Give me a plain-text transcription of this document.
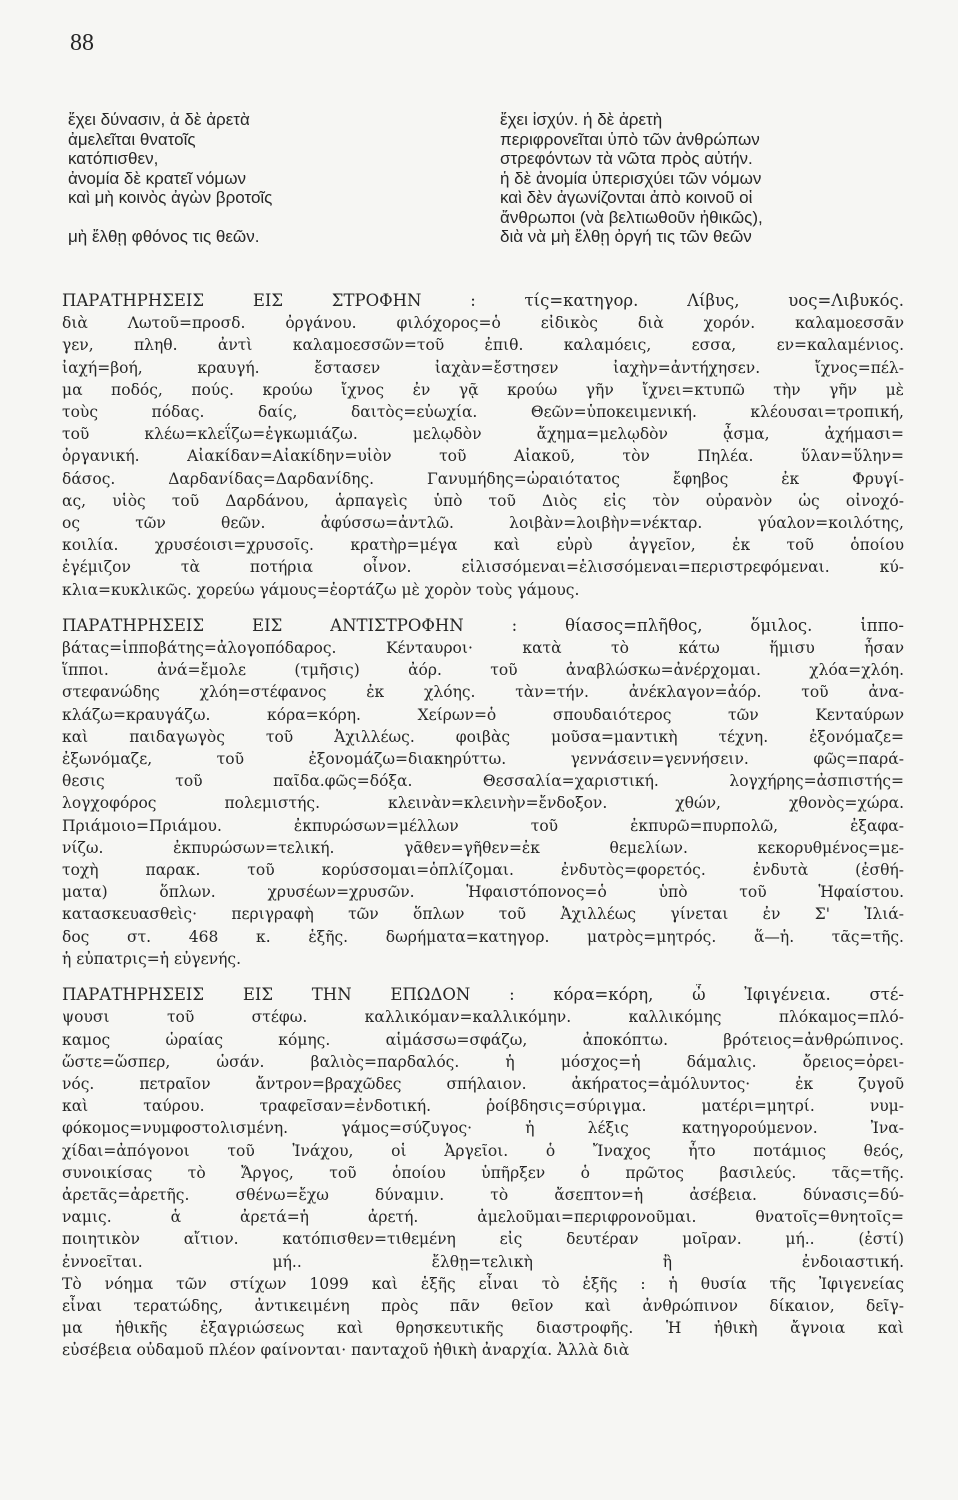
88
ἔχει δύνασιν, ἁ δὲ ἀρετὰ
ἀμελεῖται θνατοῖς
κατόπισθεν,
ἀνομία δὲ κρατεῖ νόμων
καὶ μὴ κοινὸς ἀγὼν βροτοῖς
μὴ ἔλθῃ φθόνος τις θεῶν.
ἔχει ἰσχύν. ἡ δὲ ἀρετὴ
περιφρονεῖται ὑπὸ τῶν ἀνθρώπων
στρεφόντων τὰ νῶτα πρὸς αὐτήν.
ἡ δὲ ἀνομία ὑπερισχύει τῶν νόμων
καὶ δὲν ἀγωνίζονται ἀπὸ κοινοῦ οἱ
ἄνθρωποι (νὰ βελτιωθοῦν ἠθικῶς),
διὰ νὰ μὴ ἔλθῃ ὀργή τις τῶν θεῶν
ΠΑΡΑΤΗΡΗΣΕΙΣ ΕΙΣ ΣΤΡΟΦΗΝ : τίς=κατηγορ. Λίβυς, υος=Λιβυκός.
διὰ Λωτοῦ=προσδ. ὀργάνου. φιλόχορος=ὁ εἰδικὸς διὰ χορόν. καλαμοεσσᾶν
γεν, πληθ. ἀντὶ καλαμοεσσῶν=τοῦ ἐπιθ. καλαμόεις, εσσα, εν=καλαμένιος.
ἰαχή=βοή, κραυγή. ἔστασεν ἰαχὰν=ἔστησεν ἰαχὴν=ἀντήχησεν. ἴχνος=πέλ-
μα ποδός, πούς. κρούω ἴχνος ἐν γᾷ κρούω γῆν ἴχνει=κτυπῶ τὴν γῆν μὲ
τοὺς πόδας. δαίς, δαιτὸς=εὐωχία. Θεῶν=ὑποκειμενική. κλέουσαι=τροπική,
τοῦ κλέω=κλεΐζω=ἐγκωμιάζω. μελῳδὸν ἄχημα=μελῳδὸν ᾆσμα, ἀχήμασι=
ὀργανική. Αἰακίδαν=Αἰακίδην=υἱὸν τοῦ Αἰακοῦ, τὸν Πηλέα. ὕλαν=ὕλην=
δάσος. Δαρδανίδας=Δαρδανίδης. Γανυμήδης=ὡραιότατος ἔφηβος ἐκ Φρυγί-
ας, υἱὸς τοῦ Δαρδάνου, ἁρπαγεὶς ὑπὸ τοῦ Διὸς εἰς τὸν οὐρανὸν ὡς οἰνοχό-
ος τῶν θεῶν. ἀφύσσω=ἀντλῶ. λοιβὰν=λοιβὴν=νέκταρ. γύαλον=κοιλότης,
κοιλία. χρυσέοισι=χρυσοῖς. κρατὴρ=μέγα καὶ εὐρὺ ἀγγεῖον, ἐκ τοῦ ὁποίου
ἐγέμιζον τὰ ποτήρια οἶνον. εἱλισσόμεναι=ἑλισσόμεναι=περιστρεφόμεναι. κύ-
κλια=κυκλικῶς. χορεύω γάμους=ἑορτάζω μὲ χορὸν τοὺς γάμους.
ΠΑΡΑΤΗΡΗΣΕΙΣ ΕΙΣ ΑΝΤΙΣΤΡΟΦΗΝ : θίασος=πλῆθος, ὅμιλος. ἱππο-
βάτας=ἱπποβάτης=ἀλογοπόδαρος. Κένταυροι· κατὰ τὸ κάτω ἥμισυ ἦσαν
ἵπποι. ἀνά=ἔμολε (τμῆσις) ἀόρ. τοῦ ἀναβλώσκω=ἀνέρχομαι. χλόα=χλόη.
στεφανώδης χλόη=στέφανος ἐκ χλόης. τὰν=τήν. ἀνέκλαγον=ἀόρ. τοῦ ἀνα-
κλάζω=κραυγάζω. κόρα=κόρη. Χείρων=ὁ σπουδαιότερος τῶν Κενταύρων
καὶ παιδαγωγὸς τοῦ Ἀχιλλέως. φοιβὰς μοῦσα=μαντικὴ τέχνη. ἐξονόμαζε=
ἐξωνόμαζε, τοῦ ἐξονομάζω=διακηρύττω. γεννάσειν=γεννήσειν. φῶς=παρά-
θεσις τοῦ παῖδα.φῶς=δόξα. Θεσσαλία=χαριστική. λογχήρης=ἀσπιστής=
λογχοφόρος πολεμιστής. κλεινὰν=κλεινὴν=ἔνδοξον. χθών, χθονὸς=χώρα.
Πριάμοιο=Πριάμου. ἐκπυρώσων=μέλλων τοῦ ἐκπυρῶ=πυρπολῶ, ἐξαφα-
νίζω. ἐκπυρώσων=τελική. γᾶθεν=γῆθεν=ἐκ θεμελίων. κεκορυθμένος=με-
τοχὴ παρακ. τοῦ κορύσσομαι=ὁπλίζομαι. ἐνδυτὸς=φορετός. ἐνδυτὰ (ἐσθή-
ματα) ὅπλων. χρυσέων=χρυσῶν. Ἡφαιστόπονος=ὁ ὑπὸ τοῦ Ἡφαίστου.
κατασκευασθεὶς· περιγραφὴ τῶν ὅπλων τοῦ Ἀχιλλέως γίνεται ἐν Σ' Ἰλιά-
δος στ. 468 κ. ἑξῆς. δωρήματα=κατηγορ. ματρὸς=μητρός. ἅ—ἡ. τᾶς=τῆς.
ἡ εὐπατρις=ἡ εὐγενής.
ΠΑΡΑΤΗΡΗΣΕΙΣ ΕΙΣ ΤΗΝ ΕΠΩΔΟΝ : κόρα=κόρη, ὦ Ἰφιγένεια. στέ-
ψουσι τοῦ στέφω. καλλικόμαν=καλλικόμην. καλλικόμης πλόκαμος=πλό-
καμος ὡραίας κόμης. αἱμάσσω=σφάζω, ἀποκόπτω. βρότειος=ἀνθρώπινος.
ὥστε=ὥσπερ, ὡσάν. βαλιὸς=παρδαλός. ἡ μόσχος=ἡ δάμαλις. ὄρειος=ὀρει-
νός. πετραῖον ἄντρον=βραχῶδες σπήλαιον. ἀκήρατος=ἀμόλυντος· ἐκ ζυγοῦ
καὶ ταύρου. τραφεῖσαν=ἐνδοτική. ῥοίβδησις=σύριγμα. ματέρι=μητρί. νυμ-
φόκομος=νυμφοστολισμένη. γάμος=σύζυγος· ἡ λέξις κατηγορούμενον. Ἰνα-
χίδαι=ἀπόγονοι τοῦ Ἰνάχου, οἱ Ἀργεῖοι. ὁ Ἴναχος ἦτο ποτάμιος θεός,
συνοικίσας τὸ Ἄργος, τοῦ ὁποίου ὑπῆρξεν ὁ πρῶτος βασιλεύς. τᾶς=τῆς.
ἀρετᾶς=ἀρετῆς. σθένω=ἔχω δύναμιν. τὸ ἄσεπτον=ἡ ἀσέβεια. δύνασις=δύ-
ναμις. ἁ ἀρετά=ἡ ἀρετή. ἀμελοῦμαι=περιφρονοῦμαι. θνατοῖς=θνητοῖς=
ποιητικὸν αἴτιον. κατόπισθεν=τιθεμένη εἰς δευτέραν μοῖραν. μή.. (ἐστί)
ἐννοεῖται. μή.. ἔλθῃ=τελικὴ ἢ ἐνδοιαστική.
Τὸ νόημα τῶν στίχων 1099 καὶ ἑξῆς εἶναι τὸ ἑξῆς : ἡ θυσία τῆς Ἰφιγενείας
εἶναι τερατώδης, ἀντικειμένη πρὸς πᾶν θεῖον καὶ ἀνθρώπινον δίκαιον, δεῖγ-
μα ἠθικῆς ἐξαγριώσεως καὶ θρησκευτικῆς διαστροφῆς. Ἡ ἠθικὴ ἄγνοια καὶ
εὐσέβεια οὐδαμοῦ πλέον φαίνονται· πανταχοῦ ἠθικὴ ἀναρχία. Ἀλλὰ διὰ
